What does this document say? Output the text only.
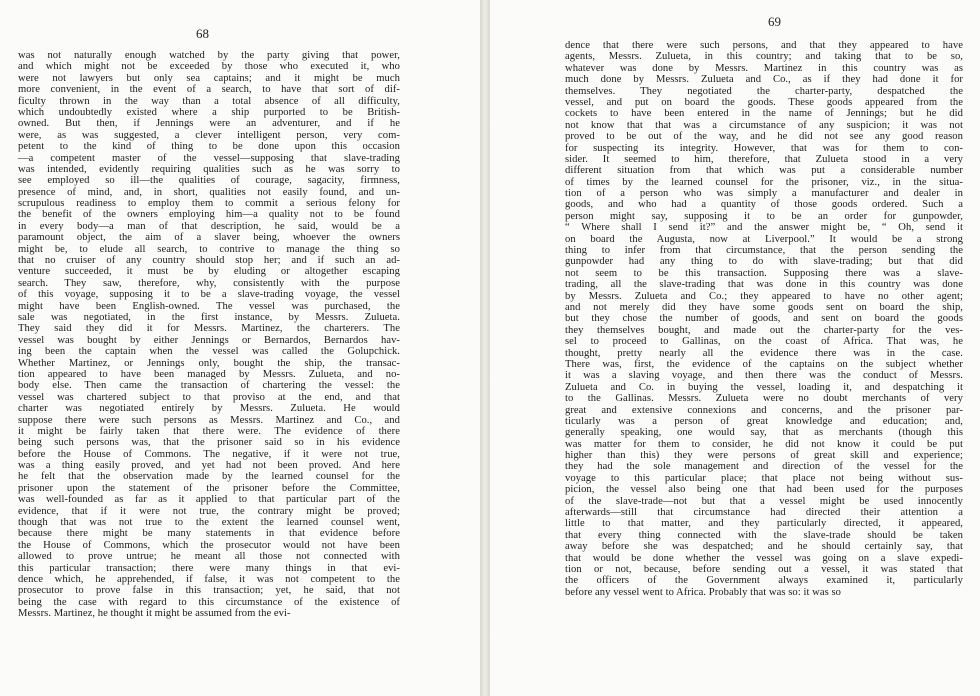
68
was not naturally enough watched by the party giving that power,
and which might not be exceeded by those who executed it, who
were not lawyers but only sea captains; and it might be much
more convenient, in the event of a search, to have that sort of dif-
ficulty thrown in the way than a total absence of all difficulty,
which undoubtedly existed where a ship purported to be British-
owned. But then, if Jennings were an adventurer, and if he
were, as was suggested, a clever intelligent person, very com-
petent to the kind of thing to be done upon this occasion
—a competent master of the vessel—supposing that slave-trading
was intended, evidently requiring qualities such as he was sorry to
see employed so ill—the qualities of courage, sagacity, firmness,
presence of mind, and, in short, qualities not easily found, and un-
scrupulous readiness to employ them to commit a serious felony for
the benefit of the owners employing him—a quality not to be found
in every body—a man of that description, he said, would be a
paramount object, the aim of a slaver being, whoever the owners
might be, to elude all search, to contrive to manage the thing so
that no cruiser of any country should stop her; and if such an ad-
venture succeeded, it must be by eluding or altogether escaping
search. They saw, therefore, why, consistently with the purpose
of this voyage, supposing it to be a slave-trading voyage, the vessel
might have been English-owned. The vessel was purchased, the
sale was negotiated, in the first instance, by Messrs. Zulueta.
They said they did it for Messrs. Martinez, the charterers. The
vessel was bought by either Jennings or Bernardos, Bernardos hav-
ing been the captain when the vessel was called the Golupchick.
Whether Martinez, or Jennings only, bought the ship, the transac-
tion appeared to have been managed by Messrs. Zulueta, and no-
body else. Then came the transaction of chartering the vessel: the
vessel was chartered subject to that proviso at the end, and that
charter was negotiated entirely by Messrs. Zulueta. He would
suppose there were such persons as Messrs. Martinez and Co., and
it might be fairly taken that there were. The evidence of there
being such persons was, that the prisoner said so in his evidence
before the House of Commons. The negative, if it were not true,
was a thing easily proved, and yet had not been proved. And here
he felt that the observation made by the learned counsel for the
prisoner upon the statement of the prisoner before the Committee,
was well-founded as far as it applied to that particular part of the
evidence, that if it were not true, the contrary might be proved;
though that was not true to the extent the learned counsel went,
because there might be many statements in that evidence before
the House of Commons, which the prosecutor would not have been
allowed to prove untrue; he meant all those not connected with
this particular transaction; there were many things in that evi-
dence which, he apprehended, if false, it was not competent to the
prosecutor to prove false in this transaction; yet, he said, that not
being the case with regard to this circumstance of the existence of
Messrs. Martinez, he thought it might be assumed from the evi-
69
dence that there were such persons, and that they appeared to have
agents, Messrs. Zulueta, in this country; and taking that to be so,
whatever was done by Messrs. Martinez in this country was as
much done by Messrs. Zulueta and Co., as if they had done it for
themselves. They negotiated the charter-party, despatched the
vessel, and put on board the goods. These goods appeared from the
cockets to have been entered in the name of Jennings; but he did
not know that that was a circumstance of any suspicion; it was not
proved to be out of the way, and he did not see any good reason
for suspecting its integrity. However, that was for them to con-
sider. It seemed to him, therefore, that Zulueta stood in a very
different situation from that which was put a considerable number
of times by the learned counsel for the prisoner, viz., in the situa-
tion of a person who was simply a manufacturer and dealer in
goods, and who had a quantity of those goods ordered. Such a
person might say, supposing it to be an order for gunpowder,
“ Where shall I send it?” and the answer might be, “ Oh, send it
on board the Augusta, now at Liverpool.” It would be a strong
thing to infer from that circumstance, that the person sending the
gunpowder had any thing to do with slave-trading; but that did
not seem to be this transaction. Supposing there was a slave-
trading, all the slave-trading that was done in this country was done
by Messrs. Zulueta and Co.; they appeared to have no other agent;
and not merely did they have some goods sent on board the ship,
but they chose the number of goods, and sent on board the goods
they themselves bought, and made out the charter-party for the ves-
sel to proceed to Gallinas, on the coast of Africa. That was, he
thought, pretty nearly all the evidence there was in the case.
There was, first, the evidence of the captains on the subject whether
it was a slaving voyage, and then there was the conduct of Messrs.
Zulueta and Co. in buying the vessel, loading it, and despatching it
to the Gallinas. Messrs. Zulueta were no doubt merchants of very
great and extensive connexions and concerns, and the prisoner par-
ticularly was a person of great knowledge and education; and,
generally speaking, one would say, that as merchants (though this
was matter for them to consider, he did not know it could be put
higher than this) they were persons of great skill and experience;
they had the sole management and direction of the vessel for the
voyage to this particular place; that place not being without sus-
picion, the vessel also being one that had been used for the purposes
of the slave-trade—not but that a vessel might be used innocently
afterwards—still that circumstance had directed their attention a
little to that matter, and they particularly directed, it appeared,
that every thing connected with the slave-trade should be taken
away before she was despatched; and he should certainly say, that
that would be done whether the vessel was going on a slave expedi-
tion or not, because, before sending out a vessel, it was stated that
the officers of the Government always examined it, particularly
before any vessel went to Africa. Probably that was so: it was so
